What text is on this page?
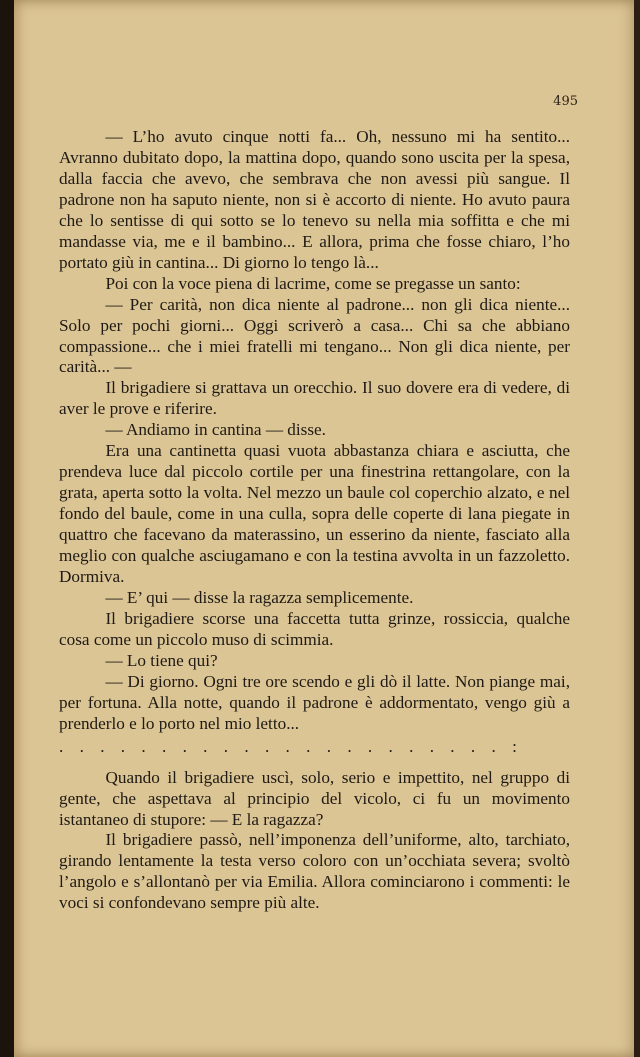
495

— L’ho avuto cinque notti fa... Oh, nessuno mi ha sentito... Avranno dubitato dopo, la mattina dopo, quando sono uscita per la spesa, dalla faccia che avevo, che sembrava che non avessi più sangue. Il padrone non ha saputo niente, non si è accorto di niente. Ho avuto paura che lo sentisse di qui sotto se lo tenevo su nella mia soffitta e che mi mandasse via, me e il bambino... E allora, prima che fosse chiaro, l’ho portato giù in cantina... Di giorno lo tengo là...

Poi con la voce piena di lacrime, come se pregasse un santo:

— Per carità, non dica niente al padrone... non gli dica niente... Solo per pochi giorni... Oggi scriverò a casa... Chi sa che abbiano compassione... che i miei fratelli mi tengano... Non gli dica niente, per carità... —

Il brigadiere si grattava un orecchio. Il suo dovere era di vedere, di aver le prove e riferire.

— Andiamo in cantina — disse.

Era una cantinetta quasi vuota abbastanza chiara e asciutta, che prendeva luce dal piccolo cortile per una finestrina rettangolare, con la grata, aperta sotto la volta. Nel mezzo un baule col coperchio alzato, e nel fondo del baule, come in una culla, sopra delle coperte di lana piegate in quattro che facevano da materassino, un esserino da niente, fasciato alla meglio con qualche asciugamano e con la testina avvolta in un fazzoletto. Dormiva.

— E’ qui — disse la ragazza semplicemente.

Il brigadiere scorse una faccetta tutta grinze, rossiccia, qualche cosa come un piccolo muso di scimmia.

— Lo tiene qui?

— Di giorno. Ogni tre ore scendo e gli dò il latte. Non piange mai, per fortuna. Alla notte, quando il padrone è addormentato, vengo giù a prenderlo e lo porto nel mio letto...

. . . . . . . . . . . . . . . . . . . . . . :

Quando il brigadiere uscì, solo, serio e impettito, nel gruppo di gente, che aspettava al principio del vicolo, ci fu un movimento istantaneo di stupore: — E la ragazza?

Il brigadiere passò, nell’imponenza dell’uniforme, alto, tarchiato, girando lentamente la testa verso coloro con un’occhiata severa; svoltò l’angolo e s’allontanò per via Emilia. Allora cominciarono i commenti: le voci si confondevano sempre più alte.
